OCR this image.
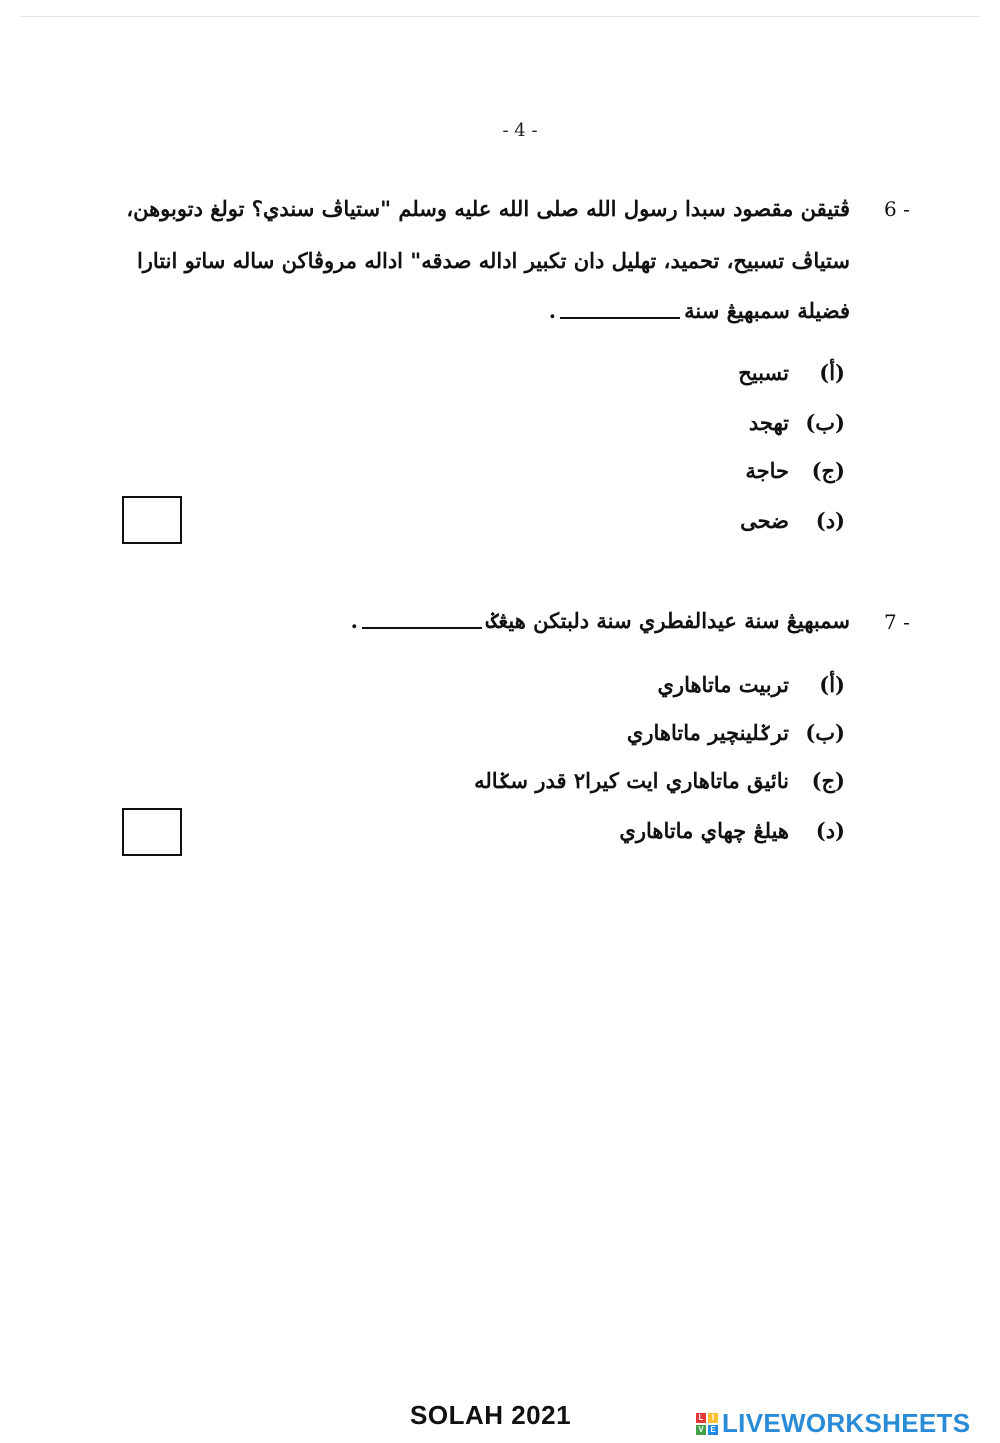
- 4 -
6 -
ڤتيقن مقصود سبدا رسول الله صلى الله عليه وسلم "ستياڤ سندي؟ تولغ دتوبوهن،
ستياڤ تسبيح، تحميد، تهليل دان تکبير اداله صدقه" اداله مروڤاکن ساله ساتو انتارا
فضيلة سمبهيڠ سنة.
(أ)تسبيح
(ب)تهجد
(ج)حاجة
(د)ضحى
7 -
سمبهيڠ سنة عيدالفطري سنة دلبتکن هيڠݢ.
(أ)تربيت ماتاهاري
(ب)ترݢلينچير ماتاهاري
(ج)نائيق ماتاهاري ايت کيرا٢ قدر سݢاله
(د)هيلڠ چهاي ماتاهاري
SOLAH 2021	L	I
V E LIVEWORKSHEETS
